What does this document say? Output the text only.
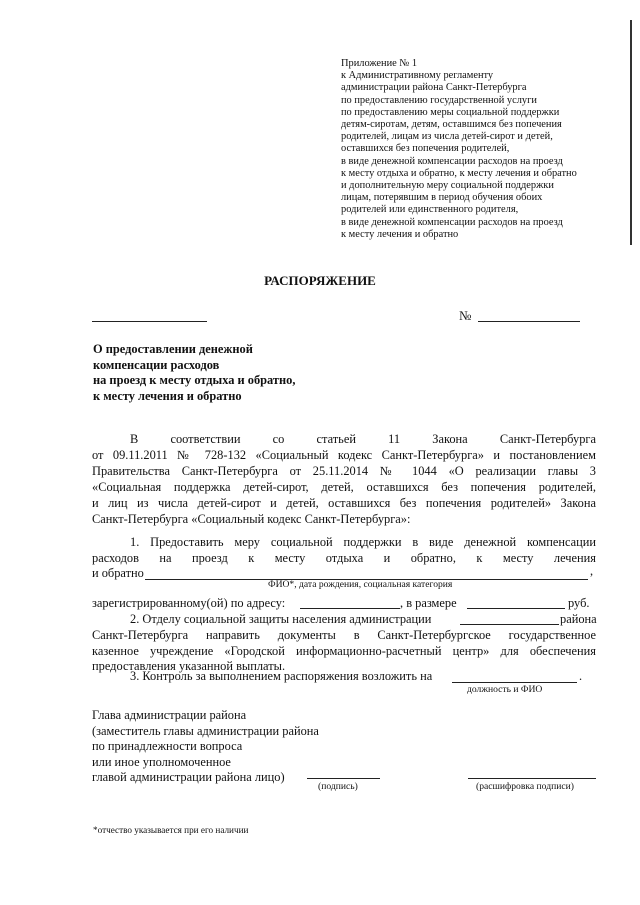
Приложение № 1
к Административному регламенту
администрации района Санкт-Петербурга
по предоставлению государственной услуги
по предоставлению меры социальной поддержки
детям-сиротам, детям, оставшимся без попечения
родителей, лицам из числа детей-сирот и детей,
оставшихся без попечения родителей,
в виде денежной компенсации расходов на проезд
к месту отдыха и обратно, к месту лечения и обратно
и дополнительную меру социальной поддержки
лицам, потерявшим в период обучения обоих
родителей или единственного родителя,
в виде денежной компенсации расходов на проезд
к месту лечения и обратно
РАСПОРЯЖЕНИЕ
№
О предоставлении денежной
компенсации расходов
на проезд к месту отдыха и обратно,
к месту лечения и обратно
В соответствии со статьей 11 Закона Санкт-Петербурга
от 09.11.2011 № 728-132 «Социальный кодекс Санкт-Петербурга» и постановлением
Правительства Санкт-Петербурга от 25.11.2014 № 1044 «О реализации главы 3
«Социальная поддержка детей-сирот, детей, оставшихся без попечения родителей,
и лиц из числа детей-сирот и детей, оставшихся без попечения родителей» Закона
Санкт-Петербурга «Социальный кодекс Санкт-Петербурга»:
1. Предоставить меру социальной поддержки в виде денежной компенсации
расходов на проезд к месту отдыха и обратно, к месту лечения
и обратно	,
ФИО*, дата рождения, социальная категория
зарегистрированному(ой) по адресу:	, в размере	руб.
2. Отделу социальной защиты населения администрации	района
Санкт-Петербурга направить документы в Санкт-Петербургское государственное
казенное учреждение «Городской информационно-расчетный центр» для обеспечения
предоставления указанной выплаты.
3. Контроль за выполнением распоряжения возложить на	.
должность и ФИО
Глава администрации района
(заместитель главы администрации района
по принадлежности вопроса
или иное уполномоченное
главой администрации района лицо)
(подпись)	(расшифровка подписи)
*отчество указывается при его наличии
